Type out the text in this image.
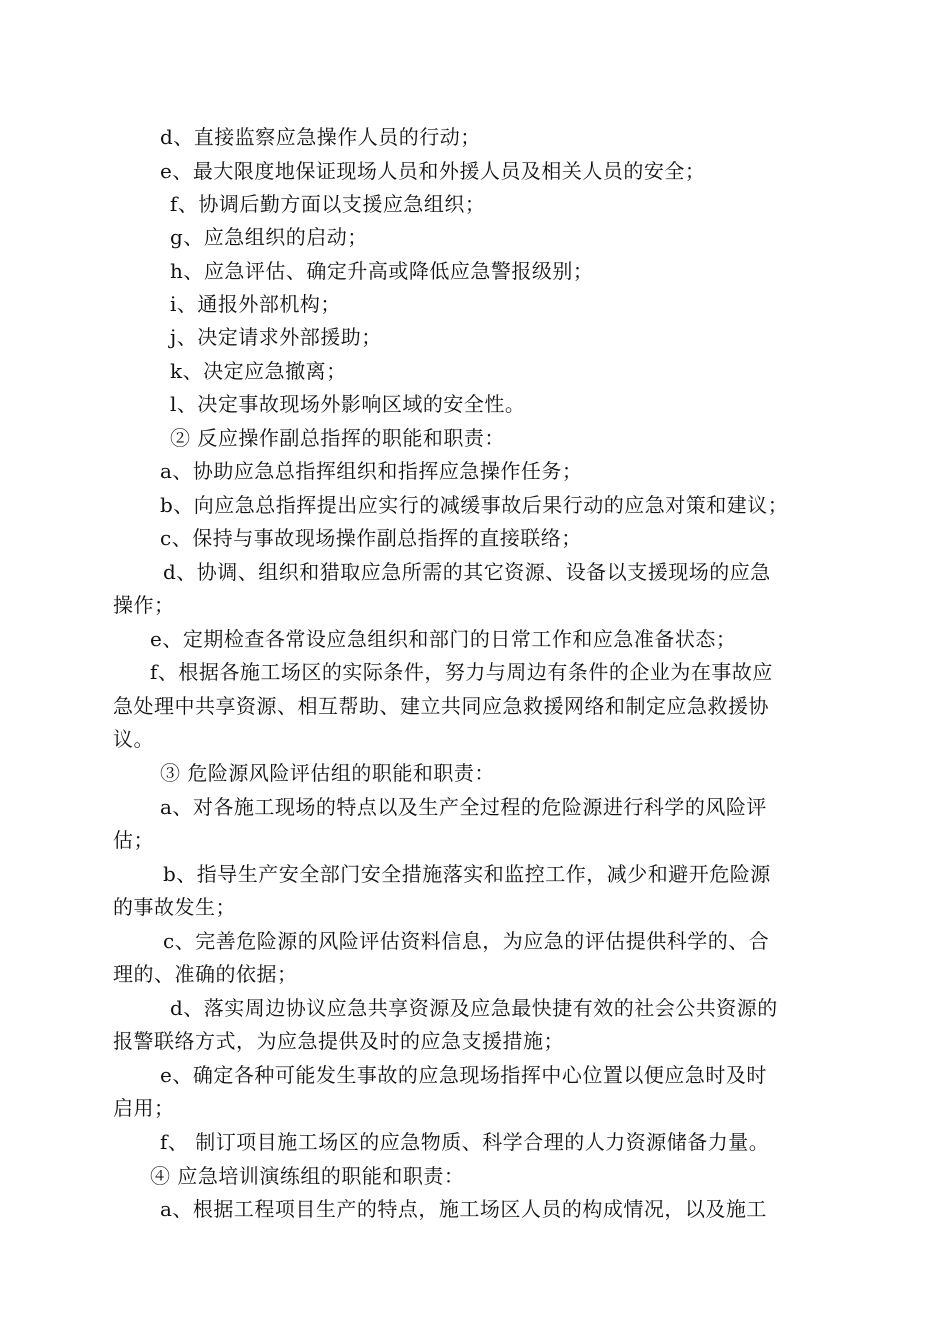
d、直接监察应急操作人员的行动；
e、最大限度地保证现场人员和外援人员及相关人员的安全；
f、协调后勤方面以支援应急组织；
g、应急组织的启动；
h、应急评估、确定升高或降低应急警报级别；
i、通报外部机构；
j、决定请求外部援助；
k、决定应急撤离；
l、决定事故现场外影响区域的安全性。
② 反应操作副总指挥的职能和职责：
a、协助应急总指挥组织和指挥应急操作任务；
b、向应急总指挥提出应实行的减缓事故后果行动的应急对策和建议；
c、保持与事故现场操作副总指挥的直接联络；
d、协调、组织和猎取应急所需的其它资源、设备以支援现场的应急
操作；
e、定期检查各常设应急组织和部门的日常工作和应急准备状态；
f、根据各施工场区的实际条件，努力与周边有条件的企业为在事故应
急处理中共享资源、相互帮助、建立共同应急救援网络和制定应急救援协
议。
③ 危险源风险评估组的职能和职责：
a、对各施工现场的特点以及生产全过程的危险源进行科学的风险评
估；
b、指导生产安全部门安全措施落实和监控工作，减少和避开危险源
的事故发生；
c、完善危险源的风险评估资料信息，为应急的评估提供科学的、合
理的、准确的依据；
d、落实周边协议应急共享资源及应急最快捷有效的社会公共资源的
报警联络方式，为应急提供及时的应急支援措施；
e、确定各种可能发生事故的应急现场指挥中心位置以便应急时及时
启用；
f、 制订项目施工场区的应急物质、科学合理的人力资源储备力量。
④ 应急培训演练组的职能和职责：
a、根据工程项目生产的特点，施工场区人员的构成情况，以及施工
